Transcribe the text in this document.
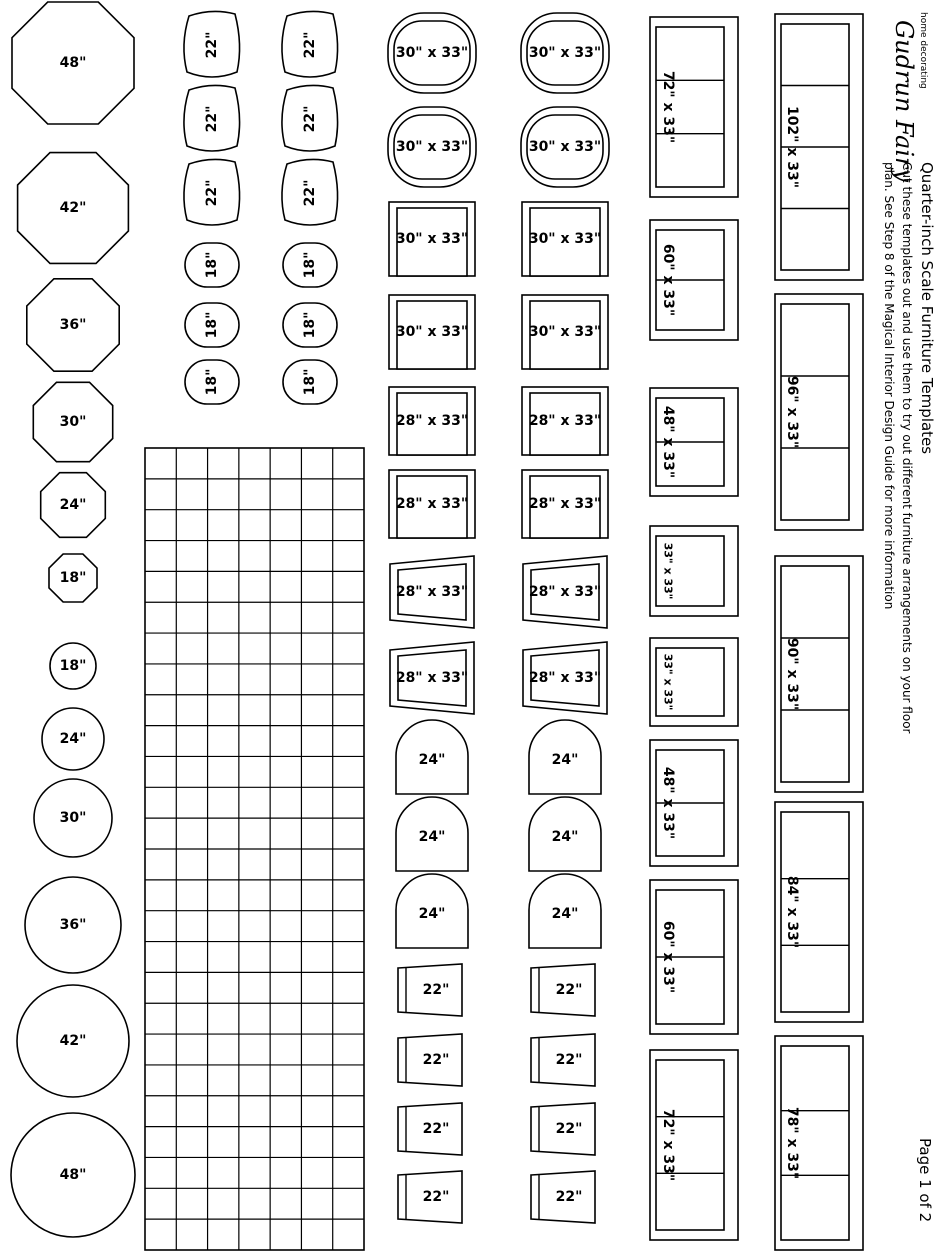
48"
42"
36"
30"
24"
18"
18"
24"
30"
36"
42"
48"
22"
22"
22"
18"
18"
18"
22"
22"
22"
18"
18"
18"
30" x 33"
30" x 33"
30" x 33"
30" x 33"
28" x 33"
28" x 33"
28" x 33"
28" x 33"
24"
24"
24"
22"
22"
22"
22"
30" x 33"
30" x 33"
30" x 33"
30" x 33"
28" x 33"
28" x 33"
28" x 33"
28" x 33"
24"
24"
24"
22"
22"
22"
22"
72" x 33"
60" x 33"
48" x 33"
33" x 33"
33" x 33"
48" x 33"
60" x 33"
72" x 33"
102" x 33"
96" x 33"
90" x 33"
84" x 33"
78" x 33"
home decorating
Gudrun Fairy
Quarter-inch Scale Furniture Templates
Cut these templates out and use them to try out different furniture arrangements on your floor plan. See Step 8 of the Magical Interior Design Guide for more information
Page 1 of 2
